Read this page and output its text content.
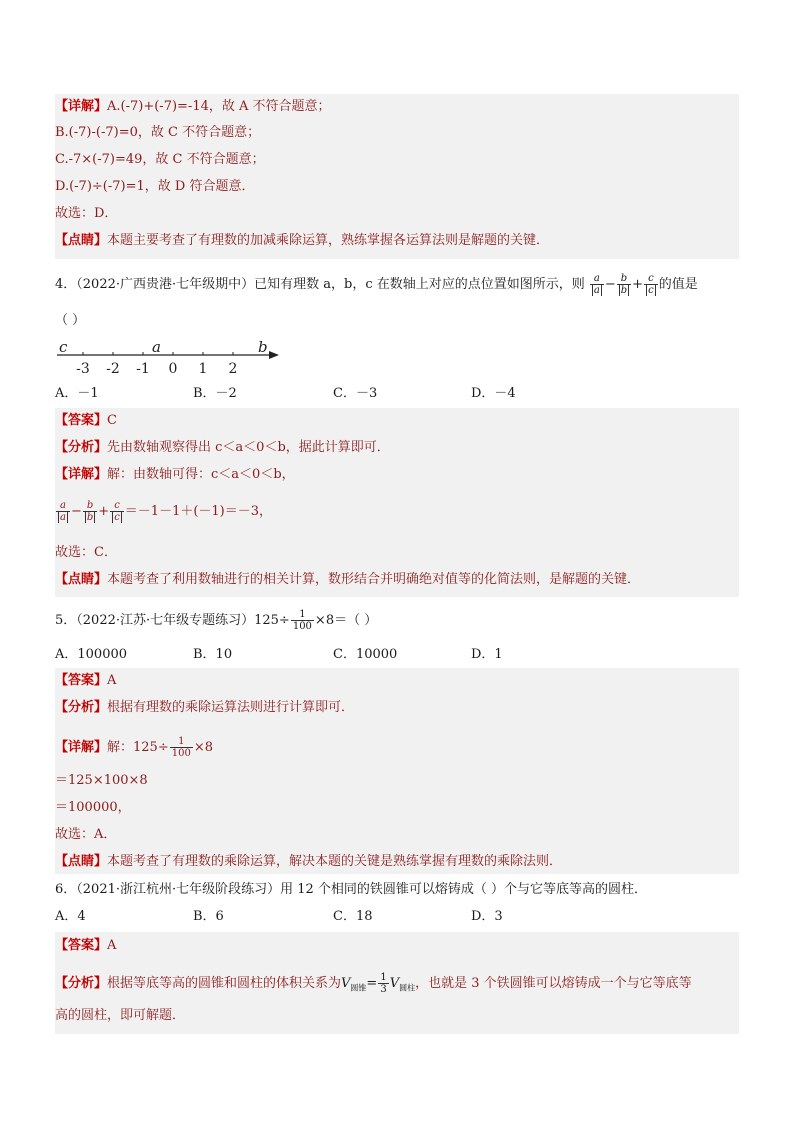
【详解】A.(-7)+(-7)=-14，故 A 不符合题意；
B.(-7)-(-7)=0，故 C 不符合题意；
C.-7×(-7)=49，故 C 不符合题意；
D.(-7)÷(-7)=1，故 D 符合题意．
故选：D．
【点睛】本题主要考查了有理数的加减乘除运算，熟练掌握各运算法则是解题的关键．
4．（2022·广西贵港·七年级期中）已知有理数 a，b，c 在数轴上对应的点位置如图所示，则 $\frac{a}{a} - \frac{b}{b} + \frac{c}{c}$ 的值是
（ ）
-3 -2 -1 0 1 2
c	a	b
A．－1	B．－2	C．－3	D．－4
【答案】C
【分析】先由数轴观察得出 c＜a＜0＜b，据此计算即可．
【详解】解：由数轴可得：c＜a＜0＜b，
$\frac{a}{a} - \frac{b}{b} + \frac{c}{c} =-1-1+(-1)=-3$，
故选：C．
【点睛】本题考查了利用数轴进行的相关计算，数形结合并明确绝对值等的化简法则，是解题的关键．
5．（2022·江苏·七年级专题练习）$125\div \frac{1}{100} \times 8=$（ ）
A．100000	B．10	C．10000	D．1
【答案】A
【分析】根据有理数的乘除运算法则进行计算即可．
【详解】解：$125\div \frac{1}{100} \times 8$
＝125×100×8
＝100000，
故选：A．
【点睛】本题考查了有理数的乘除运算，解决本题的关键是熟练掌握有理数的乘除法则．
6．（2021·浙江杭州·七年级阶段练习）用 12 个相同的铁圆锥可以熔铸成（ ）个与它等底等高的圆柱．
A．4	B．6	C．18	D．3
【答案】A
【分析】根据等底等高的圆锥和圆柱的体积关系为$V_{圆锥}= \frac{1}{3} V_{圆柱}$，也就是 3 个铁圆锥可以熔铸成一个与它等底等
高的圆柱，即可解题．
